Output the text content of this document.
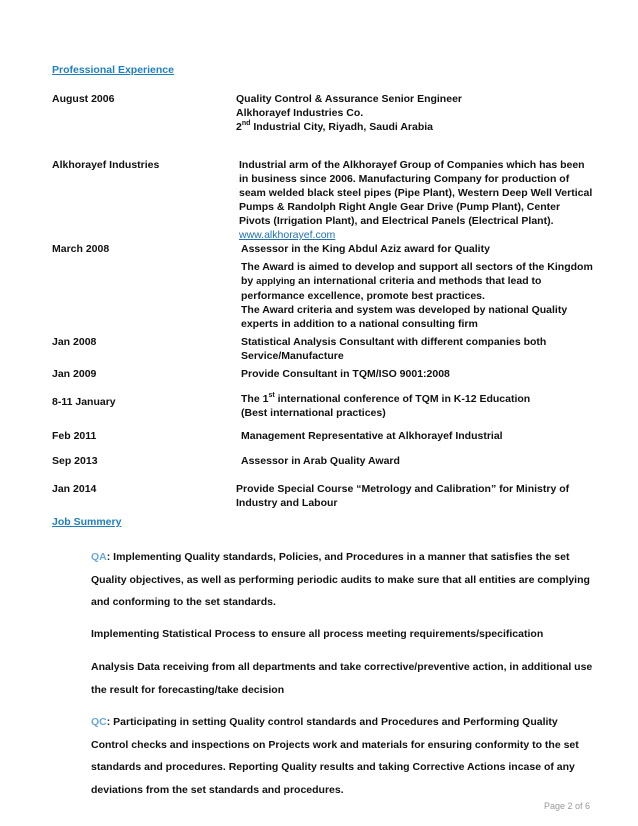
Professional Experience
August 2006	Quality Control & Assurance Senior Engineer
Alkhorayef Industries Co.
2nd Industrial City, Riyadh, Saudi Arabia
Alkhorayef Industries	Industrial arm of the Alkhorayef Group of Companies which has been
in business since 2006. Manufacturing Company for production of
seam welded black steel pipes (Pipe Plant), Western Deep Well Vertical
Pumps & Randolph Right Angle Gear Drive (Pump Plant), Center
Pivots (Irrigation Plant), and Electrical Panels (Electrical Plant).
www.alkhorayef.com
March 2008	Assessor in the King Abdul Aziz award for Quality
The Award is aimed to develop and support all sectors of the Kingdom
by applying an international criteria and methods that lead to
performance excellence, promote best practices.
The Award criteria and system was developed by national Quality
experts in addition to a national consulting firm
Jan 2008	Statistical Analysis Consultant with different companies both
Service/Manufacture
Jan 2009	Provide Consultant in TQM/ISO 9001:2008
8-11 January	The 1st international conference of TQM in K-12 Education
(Best international practices)
Feb 2011	Management Representative at Alkhorayef Industrial
Sep 2013	Assessor in Arab Quality Award
Jan 2014	Provide Special Course “Metrology and Calibration” for Ministry of
Industry and Labour
Job Summery
QA: Implementing Quality standards, Policies, and Procedures in a manner that satisfies the set
Quality objectives, as well as performing periodic audits to make sure that all entities are complying
and conforming to the set standards.
Implementing Statistical Process to ensure all process meeting requirements/specification
Analysis Data receiving from all departments and take corrective/preventive action, in additional use
the result for forecasting/take decision
QC: Participating in setting Quality control standards and Procedures and Performing Quality
Control checks and inspections on Projects work and materials for ensuring conformity to the set
standards and procedures. Reporting Quality results and taking Corrective Actions incase of any
deviations from the set standards and procedures.
Page 2 of 6
